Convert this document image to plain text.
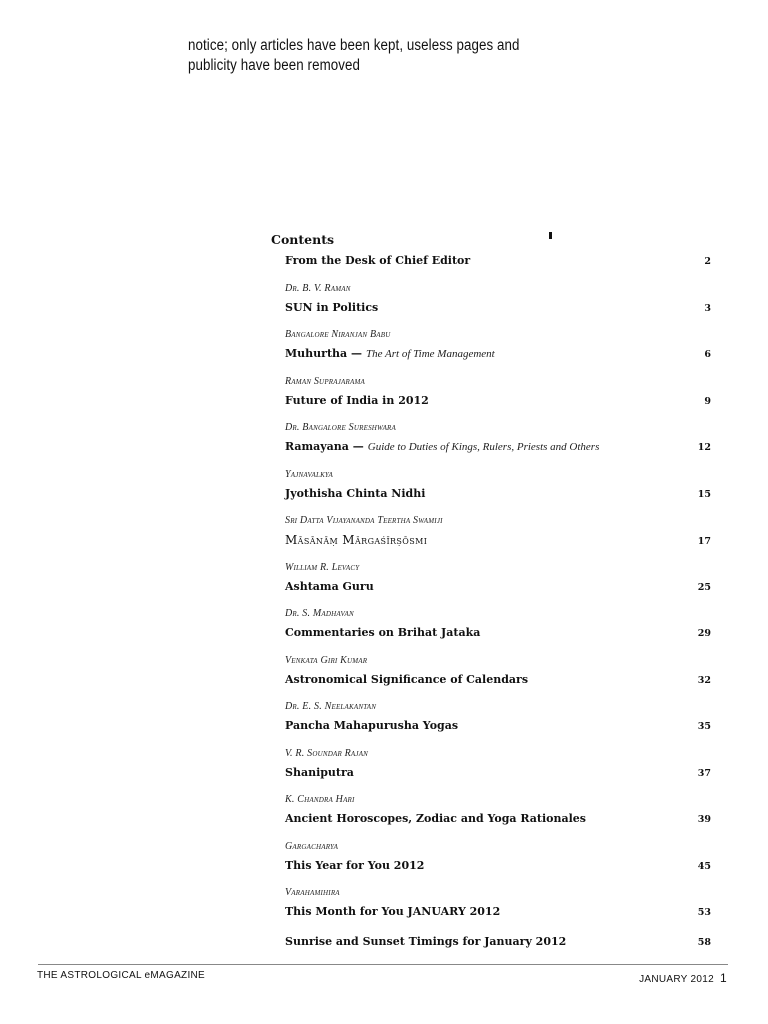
notice; only articles have been kept, useless pages and publicity have been removed
Contents
From the Desk of Chief Editor	2
Dr. B. V. Raman
SUN in Politics	3
Bangalore Niranjan Babu
Muhurtha — The Art of Time Management	6
Raman Suprajarama
Future of India in 2012	9
Dr. Bangalore Sureshwara
Ramayana — Guide to Duties of Kings, Rulers, Priests and Others	12
Yajnavalkya
Jyothisha Chinta Nidhi	15
Sri Datta Vijayananda Teertha Swamiji
Māsānāṃ Mārgaśīrṣōsmi	17
William R. Levacy
Ashtama Guru	25
Dr. S. Madhavan
Commentaries on Brihat Jataka	29
Venkata Giri Kumar
Astronomical Significance of Calendars	32
Dr. E. S. Neelakantan
Pancha Mahapurusha Yogas	35
V. R. Soundar Rajan
Shaniputra	37
K. Chandra Hari
Ancient Horoscopes, Zodiac and Yoga Rationales	39
Gargacharya
This Year for You 2012	45
Varahamihira
This Month for You JANUARY 2012	53
Sunrise and Sunset Timings for January 2012	58
THE ASTROLOGICAL eMAGAZINE	JANUARY 2012 1
